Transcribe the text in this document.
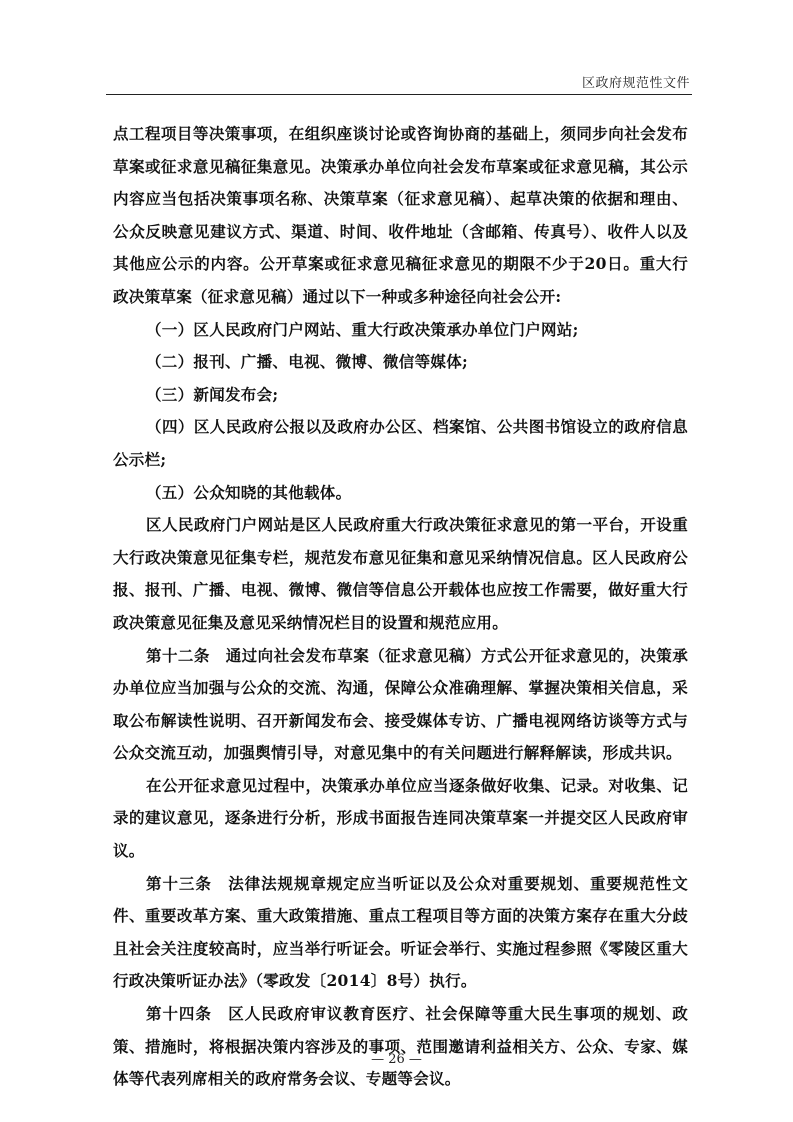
区政府规范性文件

点工程项目等决策事项，在组织座谈讨论或咨询协商的基础上，须同步向社会发布草案或征求意见稿征集意见。决策承办单位向社会发布草案或征求意见稿，其公示内容应当包括决策事项名称、决策草案（征求意见稿）、起草决策的依据和理由、公众反映意见建议方式、渠道、时间、收件地址（含邮箱、传真号）、收件人以及其他应公示的内容。公开草案或征求意见稿征求意见的期限不少于20日。重大行政决策草案（征求意见稿）通过以下一种或多种途径向社会公开:

（一）区人民政府门户网站、重大行政决策承办单位门户网站;

（二）报刊、广播、电视、微博、微信等媒体;

（三）新闻发布会;

（四）区人民政府公报以及政府办公区、档案馆、公共图书馆设立的政府信息公示栏;

（五）公众知晓的其他载体。

区人民政府门户网站是区人民政府重大行政决策征求意见的第一平台，开设重大行政决策意见征集专栏，规范发布意见征集和意见采纳情况信息。区人民政府公报、报刊、广播、电视、微博、微信等信息公开载体也应按工作需要，做好重大行政决策意见征集及意见采纳情况栏目的设置和规范应用。

第十二条　通过向社会发布草案（征求意见稿）方式公开征求意见的，决策承办单位应当加强与公众的交流、沟通，保障公众准确理解、掌握决策相关信息，采取公布解读性说明、召开新闻发布会、接受媒体专访、广播电视网络访谈等方式与公众交流互动，加强舆情引导，对意见集中的有关问题进行解释解读，形成共识。

在公开征求意见过程中，决策承办单位应当逐条做好收集、记录。对收集、记录的建议意见，逐条进行分析，形成书面报告连同决策草案一并提交区人民政府审议。

第十三条　法律法规规章规定应当听证以及公众对重要规划、重要规范性文件、重要改革方案、重大政策措施、重点工程项目等方面的决策方案存在重大分歧且社会关注度较高时，应当举行听证会。听证会举行、实施过程参照《零陵区重大行政决策听证办法》（零政发〔2014〕8号）执行。

第十四条　区人民政府审议教育医疗、社会保障等重大民生事项的规划、政策、措施时，将根据决策内容涉及的事项、范围邀请利益相关方、公众、专家、媒体等代表列席相关的政府常务会议、专题等会议。

— 26 —
